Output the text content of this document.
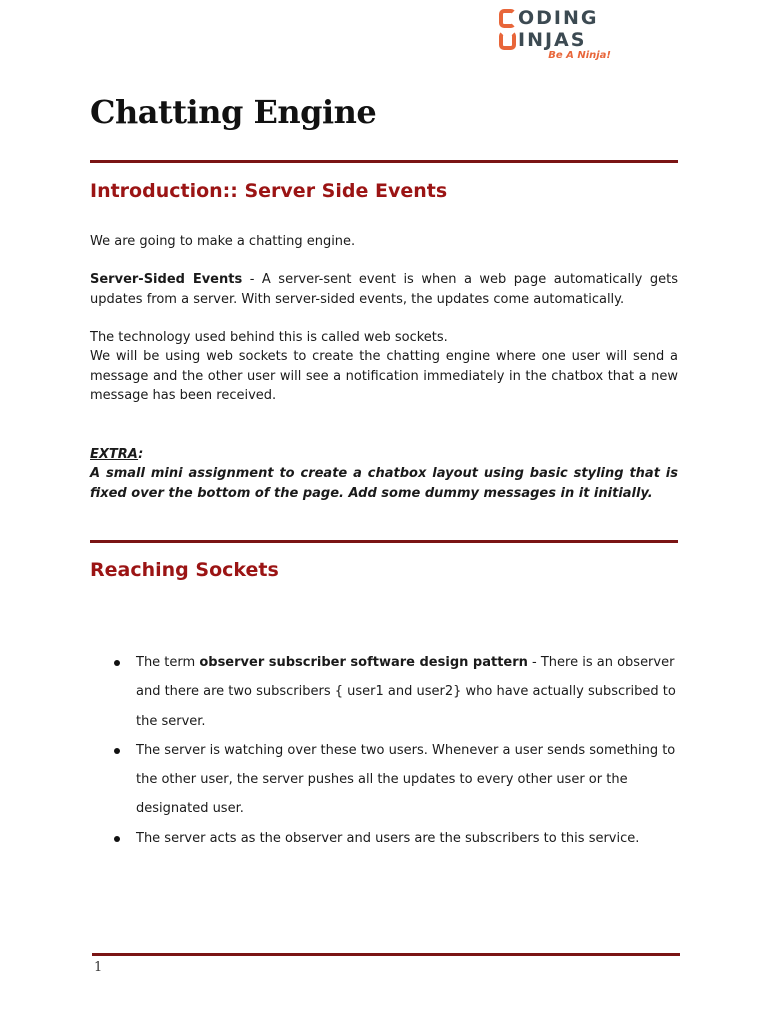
ODING
INJAS
Be A Ninja!
Chatting Engine
Introduction:: Server Side Events

We are going to make a chatting engine.

Server-Sided Events - A server-sent event is when a web page automatically gets updates from a server. With server-sided events, the updates come automatically.

The technology used behind this is called web sockets.

We will be using web sockets to create the chatting engine where one user will send a message and the other user will see a notification immediately in the chatbox that a new message has been received.

EXTRA:

A small mini assignment to create a chatbox layout using basic styling that is fixed over the bottom of the page. Add some dummy messages in it initially.

Reaching Sockets
The term observer subscriber software design pattern - There is an observer and there are two subscribers { user1 and user2} who have actually subscribed to the server.
The server is watching over these two users. Whenever a user sends something to the other user, the server pushes all the updates to every other user or the designated user.
The server acts as the observer and users are the subscribers to this service.
1
